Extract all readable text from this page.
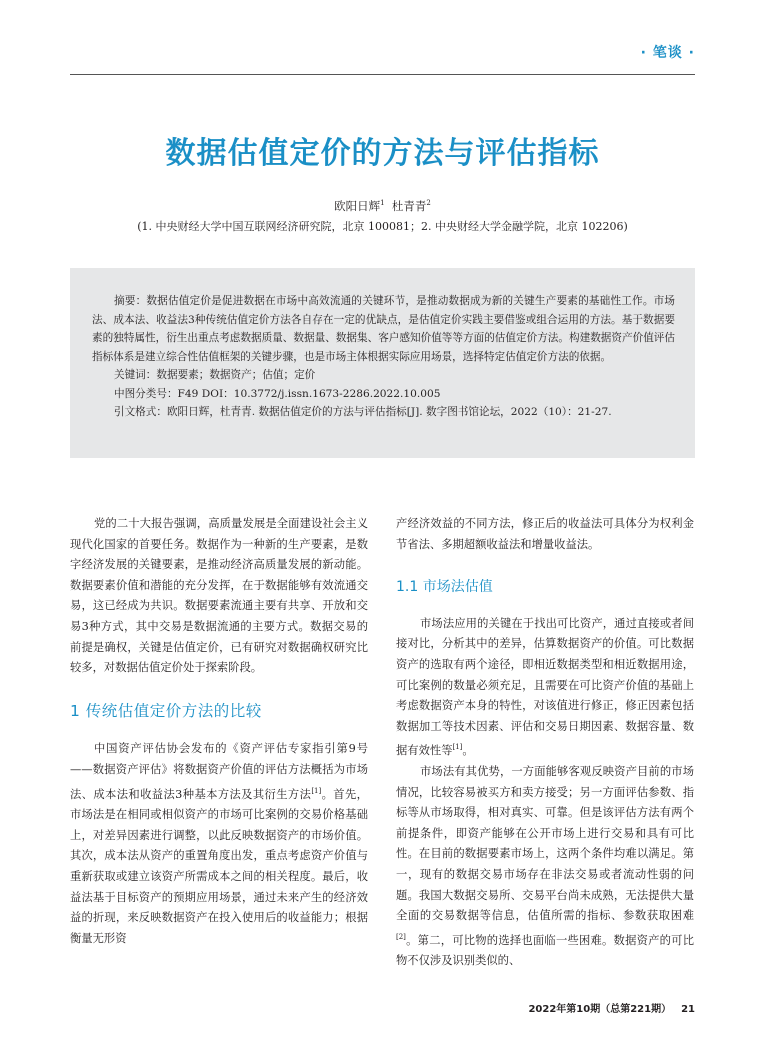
· 笔谈 ·
数据估值定价的方法与评估指标
欧阳日辉$^1$ 杜青青$^2$
(1. 中央财经大学中国互联网经济研究院，北京 100081；2. 中央财经大学金融学院，北京 102206)

摘要：数据估值定价是促进数据在市场中高效流通的关键环节，是推动数据成为新的关键生产要素的基础性工作。市场法、成本法、收益法3种传统估值定价方法各自存在一定的优缺点，是估值定价实践主要借鉴或组合运用的方法。基于数据要素的独特属性，衍生出重点考虑数据质量、数据量、数据集、客户感知价值等等方面的估值定价方法。构建数据资产价值评估指标体系是建立综合性估值框架的关键步骤，也是市场主体根据实际应用场景，选择特定估值定价方法的依据。

关键词：数据要素；数据资产；估值；定价
中图分类号：F49 DOI：10.3772/j.issn.1673-2286.2022.10.005
引文格式：欧阳日辉，杜青青. 数据估值定价的方法与评估指标[J]. 数字图书馆论坛，2022（10）：21-27.

党的二十大报告强调，高质量发展是全面建设社会主义现代化国家的首要任务。数据作为一种新的生产要素，是数字经济发展的关键要素，是推动经济高质量发展的新动能。数据要素价值和潜能的充分发挥，在于数据能够有效流通交易，这已经成为共识。数据要素流通主要有共享、开放和交易3种方式，其中交易是数据流通的主要方式。数据交易的前提是确权，关键是估值定价，已有研究对数据确权研究比较多，对数据估值定价处于探索阶段。

1 传统估值定价方法的比较

中国资产评估协会发布的《资产评估专家指引第9号——数据资产评估》将数据资产价值的评估方法概括为市场法、成本法和收益法3种基本方法及其衍生方法[1]。首先，市场法是在相同或相似资产的市场可比案例的交易价格基础上，对差异因素进行调整，以此反映数据资产的市场价值。其次，成本法从资产的重置角度出发，重点考虑资产价值与重新获取或建立该资产所需成本之间的相关程度。最后，收益法基于目标资产的预期应用场景，通过未来产生的经济效益的折现，来反映数据资产在投入使用后的收益能力；根据衡量无形资

产经济效益的不同方法，修正后的收益法可具体分为权利金节省法、多期超额收益法和增量收益法。

1.1 市场法估值

市场法应用的关键在于找出可比资产，通过直接或者间接对比，分析其中的差异，估算数据资产的价值。可比数据资产的选取有两个途径，即相近数据类型和相近数据用途，可比案例的数量必须充足，且需要在可比资产价值的基础上考虑数据资产本身的特性，对该值进行修正，修正因素包括数据加工等技术因素、评估和交易日期因素、数据容量、数据有效性等[1]。

市场法有其优势，一方面能够客观反映资产目前的市场情况，比较容易被买方和卖方接受；另一方面评估参数、指标等从市场取得，相对真实、可靠。但是该评估方法有两个前提条件，即资产能够在公开市场上进行交易和具有可比性。在目前的数据要素市场上，这两个条件均难以满足。第一，现有的数据交易市场存在非法交易或者流动性弱的问题。我国大数据交易所、交易平台尚未成熟，无法提供大量全面的交易数据等信息，估值所需的指标、参数获取困难[2]。第二，可比物的选择也面临一些困难。数据资产的可比物不仅涉及识别类似的、

2022年第10期（总第221期） 21
